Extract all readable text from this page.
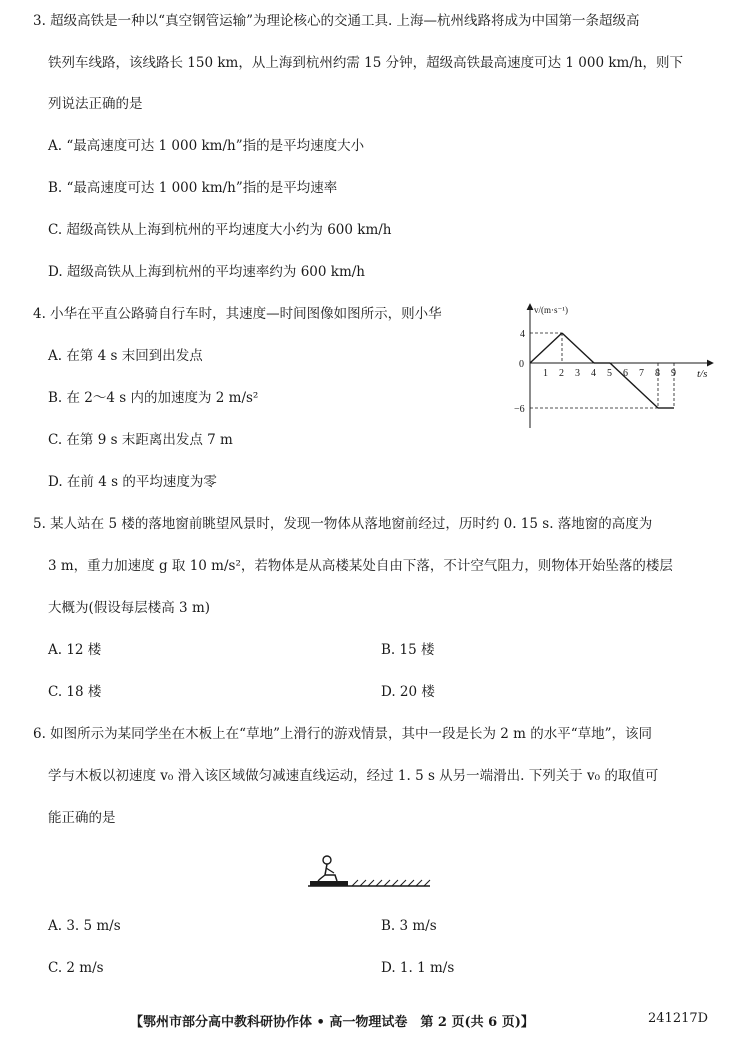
3. 超级高铁是一种以“真空钢管运输”为理论核心的交通工具. 上海—杭州线路将成为中国第一条超级高
铁列车线路，该线路长 150 km，从上海到杭州约需 15 分钟，超级高铁最高速度可达 1 000 km/h，则下
列说法正确的是
A. “最高速度可达 1 000 km/h”指的是平均速度大小
B. “最高速度可达 1 000 km/h”指的是平均速率
C. 超级高铁从上海到杭州的平均速度大小约为 600 km/h
D. 超级高铁从上海到杭州的平均速率约为 600 km/h
4. 小华在平直公路骑自行车时，其速度—时间图像如图所示，则小华
A. 在第 4 s 末回到出发点
B. 在 2～4 s 内的加速度为 2 m/s²
C. 在第 9 s 末距离出发点 7 m
D. 在前 4 s 的平均速度为零
v/(m·s⁻¹)
t/s
0
4
−6
1 2 3 4 5 6 7 8 9
5. 某人站在 5 楼的落地窗前眺望风景时，发现一物体从落地窗前经过，历时约 0. 15 s. 落地窗的高度为
3 m，重力加速度 g 取 10 m/s²，若物体是从高楼某处自由下落，不计空气阻力，则物体开始坠落的楼层
大概为(假设每层楼高 3 m)
A. 12 楼	B. 15 楼
C. 18 楼	D. 20 楼
6. 如图所示为某同学坐在木板上在“草地”上滑行的游戏情景，其中一段是长为 2 m 的水平“草地”，该同
学与木板以初速度 v₀ 滑入该区域做匀减速直线运动，经过 1. 5 s 从另一端滑出. 下列关于 v₀ 的取值可
能正确的是
A. 3. 5 m/s	B. 3 m/s
C. 2 m/s	D. 1. 1 m/s
【鄂州市部分高中教科研协作体 • 高一物理试卷　第 2 页(共 6 页)】	241217D
